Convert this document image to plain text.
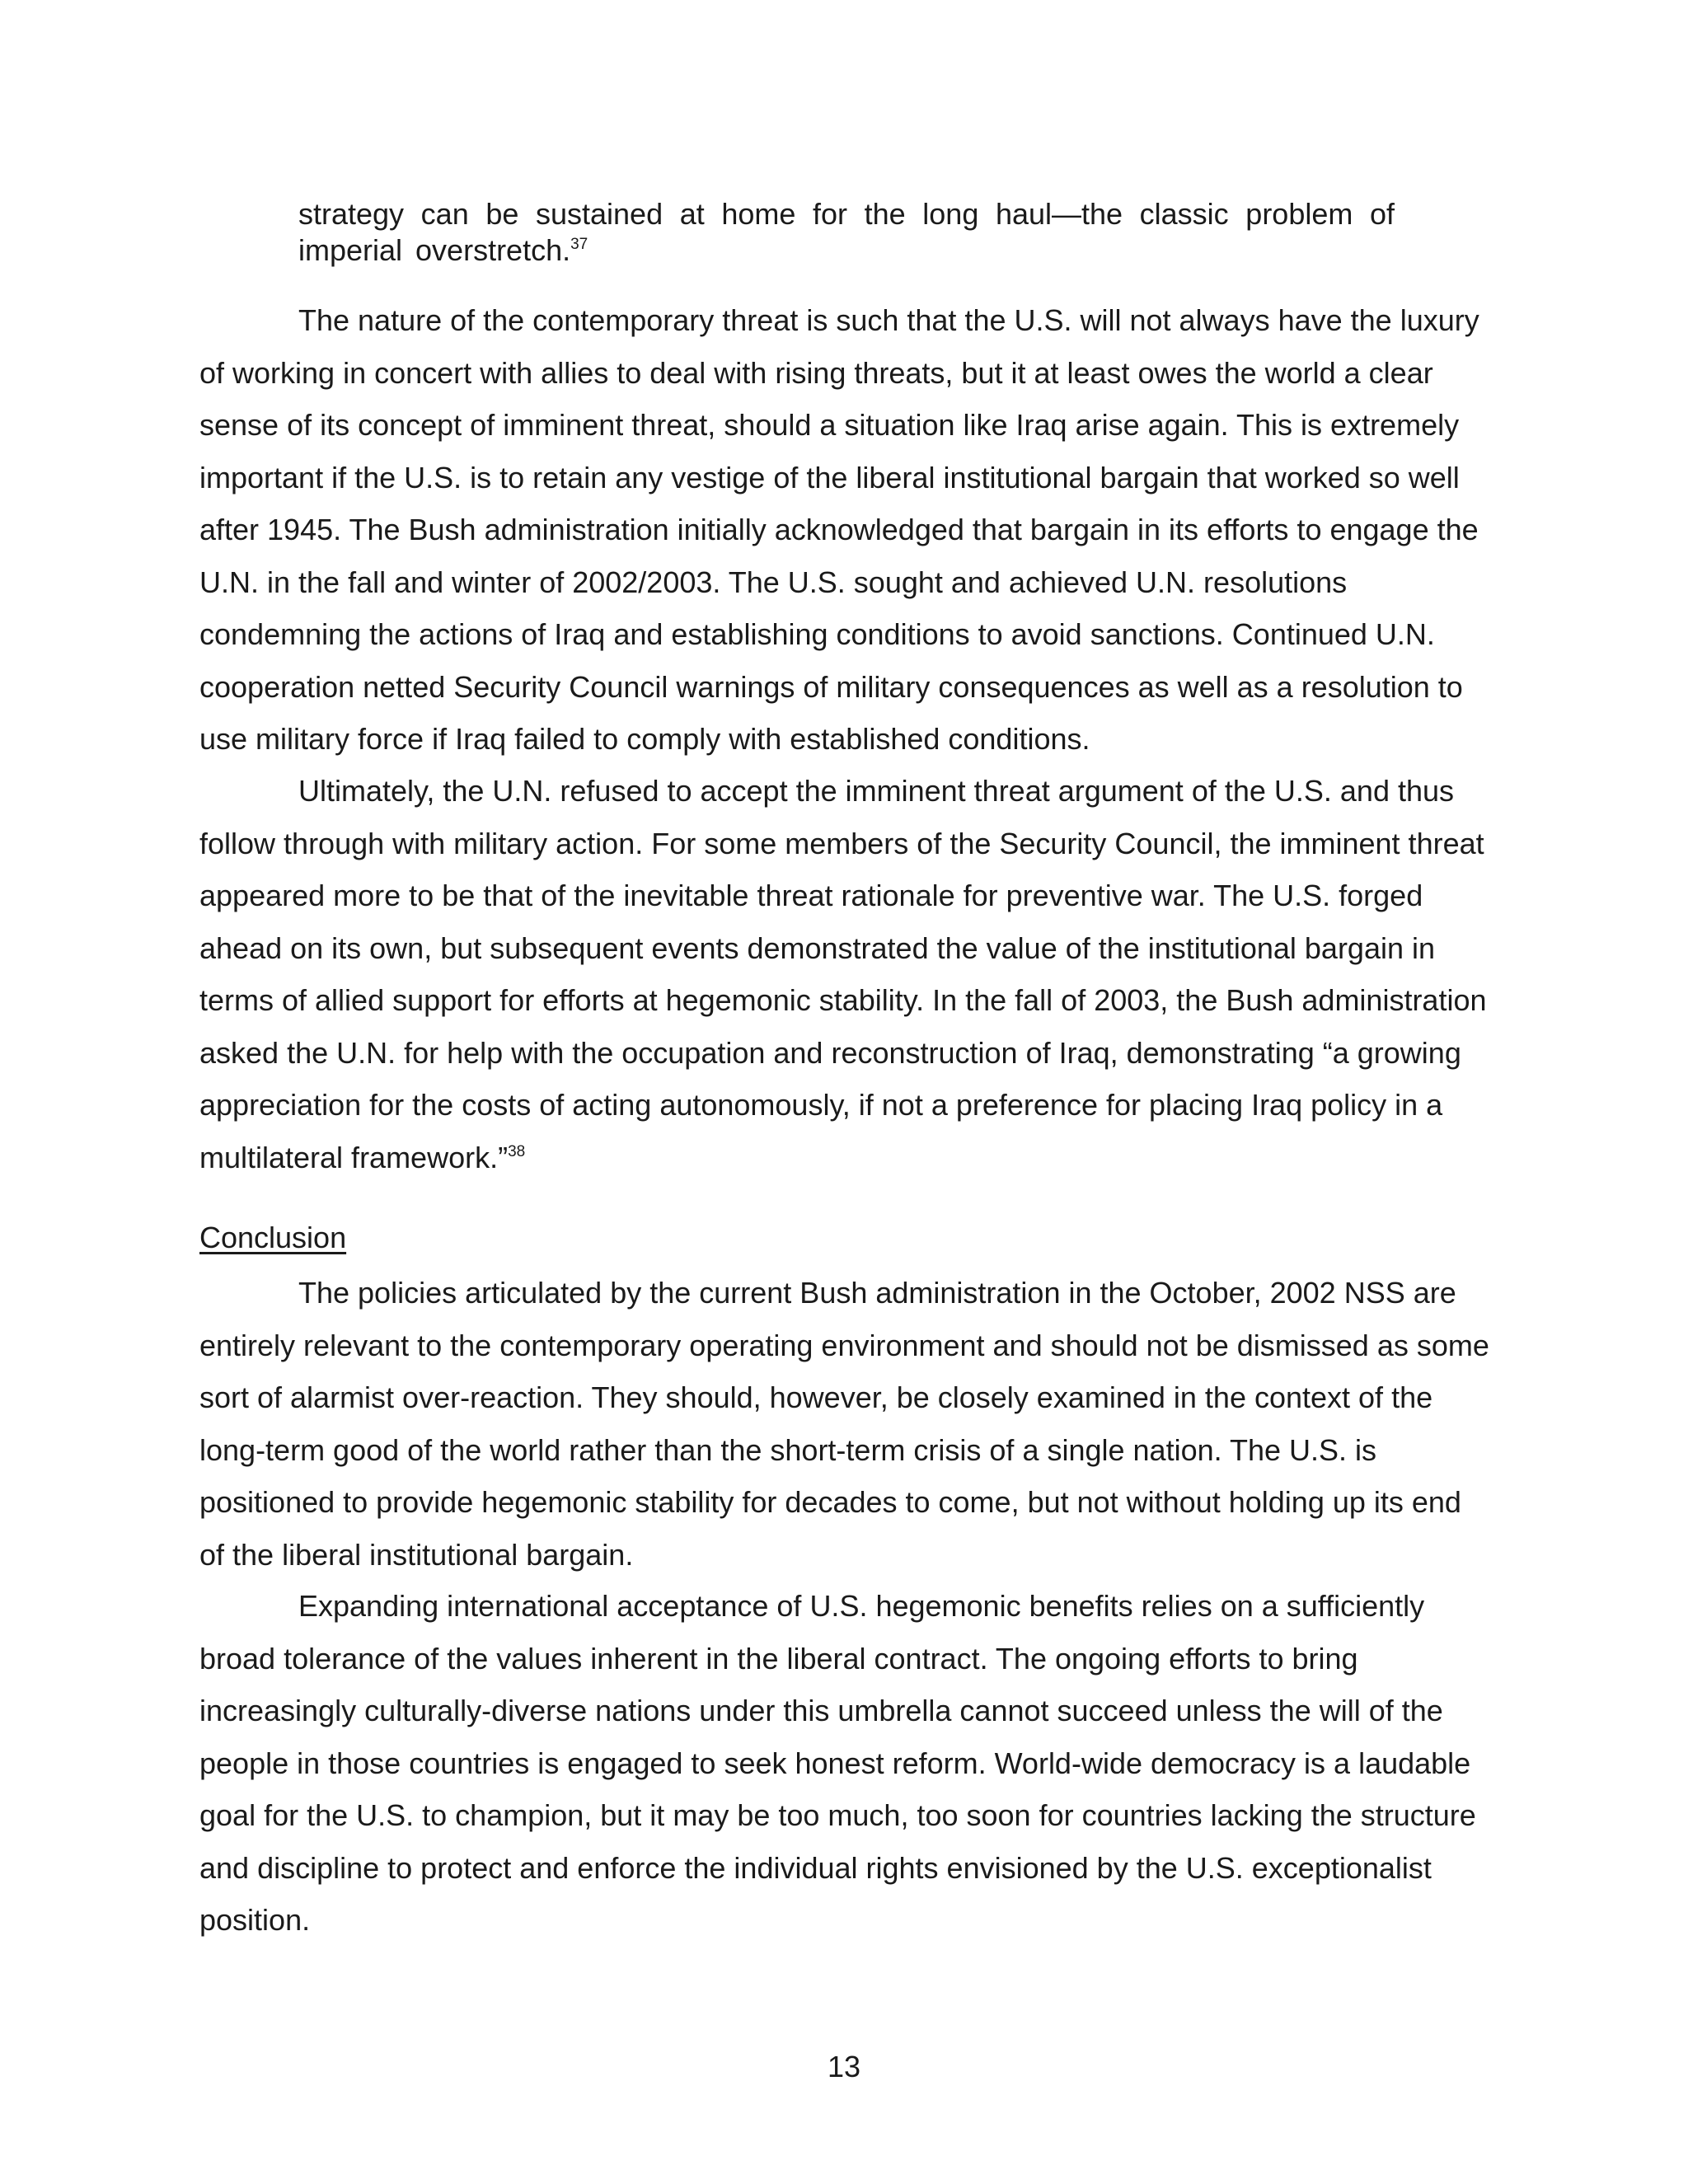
strategy can be sustained at home for the long haul—the classic problem of imperial overstretch.$^{37}$
The nature of the contemporary threat is such that the U.S. will not always have the luxury of working in concert with allies to deal with rising threats, but it at least owes the world a clear sense of its concept of imminent threat, should a situation like Iraq arise again. This is extremely important if the U.S. is to retain any vestige of the liberal institutional bargain that worked so well after 1945. The Bush administration initially acknowledged that bargain in its efforts to engage the U.N. in the fall and winter of 2002/2003. The U.S. sought and achieved U.N. resolutions condemning the actions of Iraq and establishing conditions to avoid sanctions. Continued U.N. cooperation netted Security Council warnings of military consequences as well as a resolution to use military force if Iraq failed to comply with established conditions.
Ultimately, the U.N. refused to accept the imminent threat argument of the U.S. and thus follow through with military action. For some members of the Security Council, the imminent threat appeared more to be that of the inevitable threat rationale for preventive war. The U.S. forged ahead on its own, but subsequent events demonstrated the value of the institutional bargain in terms of allied support for efforts at hegemonic stability. In the fall of 2003, the Bush administration asked the U.N. for help with the occupation and reconstruction of Iraq, demonstrating “a growing appreciation for the costs of acting autonomously, if not a preference for placing Iraq policy in a multilateral framework.”$^{38}$
Conclusion
The policies articulated by the current Bush administration in the October, 2002 NSS are entirely relevant to the contemporary operating environment and should not be dismissed as some sort of alarmist over-reaction. They should, however, be closely examined in the context of the long-term good of the world rather than the short-term crisis of a single nation. The U.S. is positioned to provide hegemonic stability for decades to come, but not without holding up its end of the liberal institutional bargain.
Expanding international acceptance of U.S. hegemonic benefits relies on a sufficiently broad tolerance of the values inherent in the liberal contract. The ongoing efforts to bring increasingly culturally-diverse nations under this umbrella cannot succeed unless the will of the people in those countries is engaged to seek honest reform. World-wide democracy is a laudable goal for the U.S. to champion, but it may be too much, too soon for countries lacking the structure and discipline to protect and enforce the individual rights envisioned by the U.S. exceptionalist position.
13
